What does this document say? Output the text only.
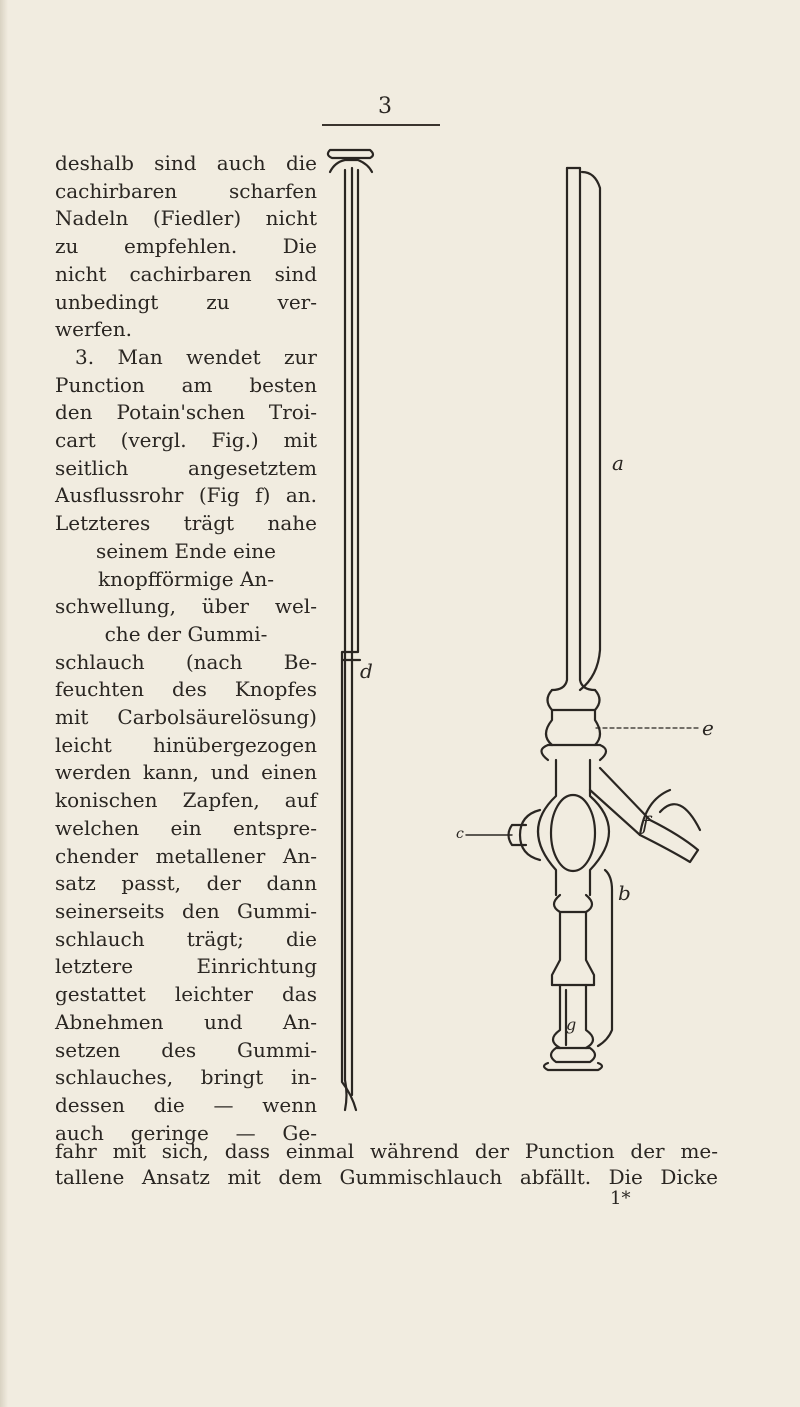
3
deshalb sind auch die
cachirbaren scharfen
Nadeln (Fiedler) nicht
zu empfehlen. Die
nicht cachirbaren sind
unbedingt zu ver-
werfen.
3. Man wendet zur
Punction am besten
den Potain'schen Troi-
cart (vergl. Fig.) mit
seitlich angesetztem
Ausflussrohr (Fig f) an.
Letzteres trägt nahe
seinem Ende eine
knopfförmige An-
schwellung, über wel-
che der Gummi-
schlauch (nach Be-
feuchten des Knopfes
mit Carbolsäurelösung)
leicht hinübergezogen
werden kann, und einen
konischen Zapfen, auf
welchen ein entspre-
chender metallener An-
satz passt, der dann
seinerseits den Gummi-
schlauch trägt; die
letztere Einrichtung
gestattet leichter das
Abnehmen und An-
setzen des Gummi-
schlauches, bringt in-
dessen die — wenn
auch geringe — Ge-
fahr mit sich, dass einmal während der Punction der me-
tallene Ansatz mit dem Gummischlauch abfällt. Die Dicke
1*
a
b
c
d
e
f
g
